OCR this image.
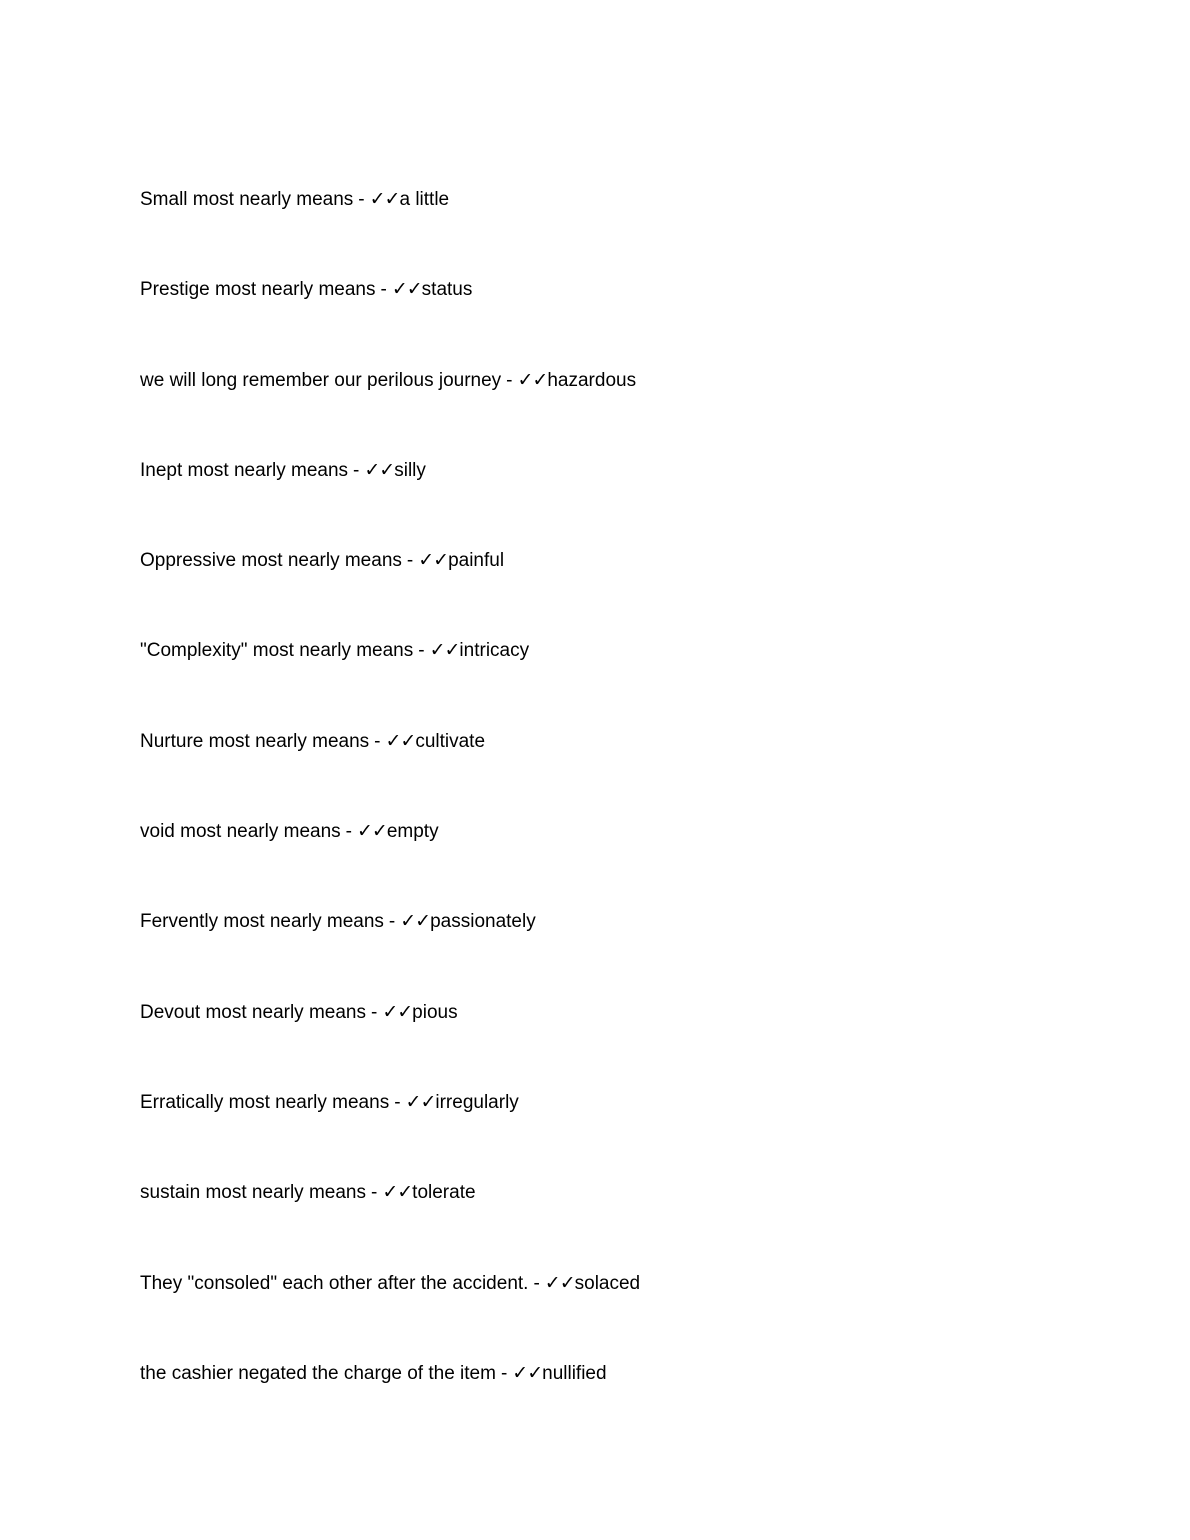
Small most nearly means - ✓✓a little
Prestige most nearly means - ✓✓status
we will long remember our perilous journey - ✓✓hazardous
Inept most nearly means - ✓✓silly
Oppressive most nearly means - ✓✓painful
"Complexity" most nearly means - ✓✓intricacy
Nurture most nearly means - ✓✓cultivate
void most nearly means - ✓✓empty
Fervently most nearly means - ✓✓passionately
Devout most nearly means - ✓✓pious
Erratically most nearly means - ✓✓irregularly
sustain most nearly means - ✓✓tolerate
They "consoled" each other after the accident. - ✓✓solaced
the cashier negated the charge of the item - ✓✓nullified
